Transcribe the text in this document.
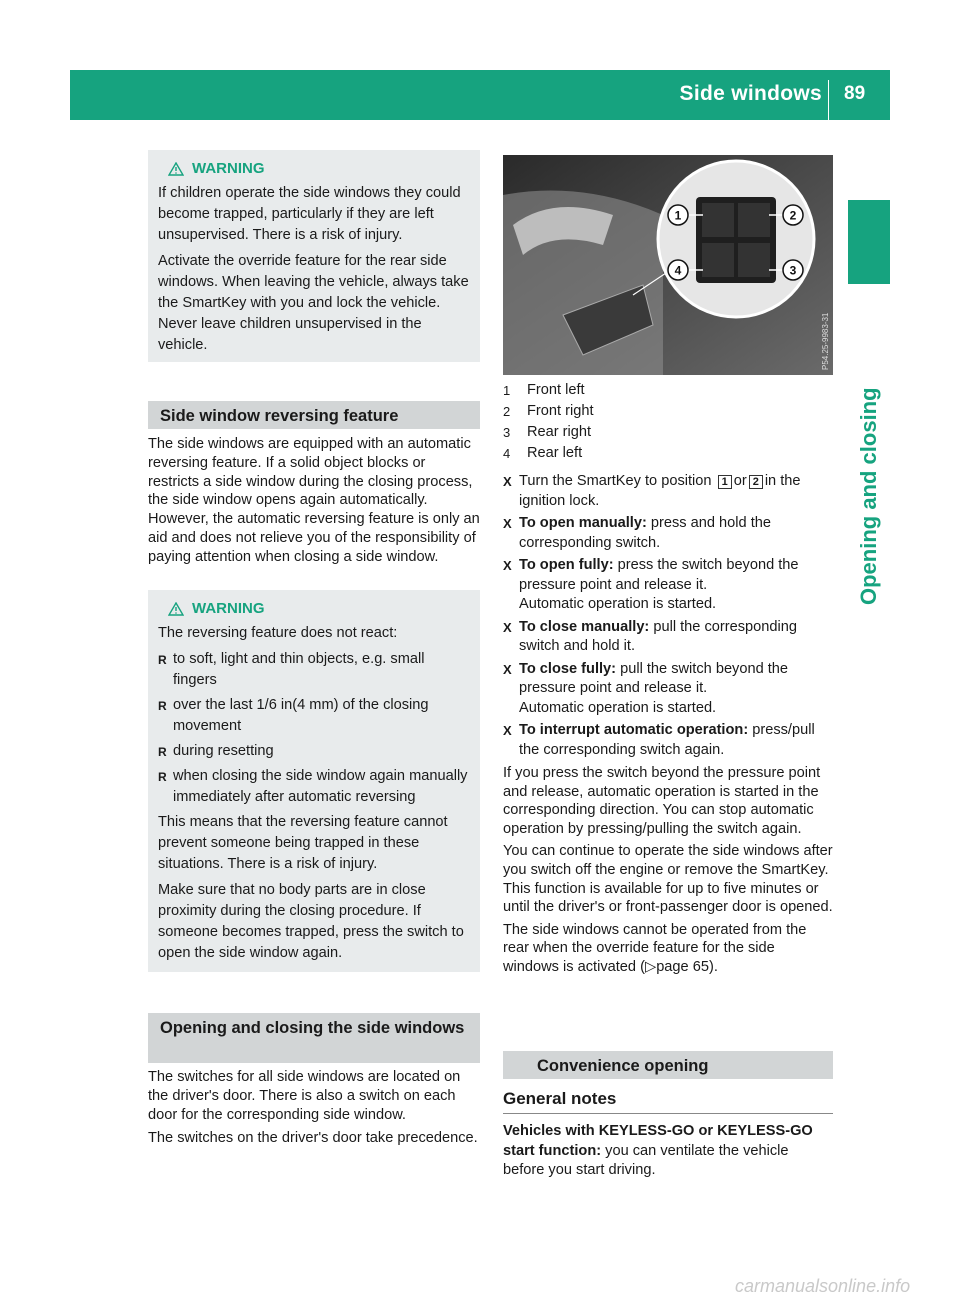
Side windows 89
Opening and closing
WARNING

If children operate the side windows they could become trapped, particularly if they are left unsupervised. There is a risk of injury.

Activate the override feature for the rear side windows. When leaving the vehicle, always take the SmartKey with you and lock the vehicle. Never leave children unsupervised in the vehicle.

Side window reversing feature

The side windows are equipped with an automatic reversing feature. If a solid object blocks or restricts a side window during the closing process, the side window opens again automatically. However, the automatic reversing feature is only an aid and does not relieve you of the responsibility of paying attention when closing a side window.

WARNING

The reversing feature does not react:

R to soft, light and thin objects, e.g. small fingers
R over the last 1/6 in(4 mm) of the closing movement
R during resetting
R when closing the side window again manually immediately after automatic reversing

This means that the reversing feature cannot prevent someone being trapped in these situations. There is a risk of injury.

Make sure that no body parts are in close proximity during the closing procedure. If someone becomes trapped, press the switch to open the side window again.

Opening and closing the side windows

The switches for all side windows are located on the driver's door. There is also a switch on each door for the corresponding side window.

The switches on the driver's door take precedence.

1	2
3
4
P54.25-9983-31
1	Front left
2	Front right
3	Rear right
4	Rear left
X Turn the SmartKey to position 1 or 2 in the ignition lock.
X To open manually: press and hold the corresponding switch.
X To open fully: press the switch beyond the pressure point and release it.
Automatic operation is started.
X To close manually: pull the corresponding switch and hold it.
X To close fully: pull the switch beyond the pressure point and release it.
Automatic operation is started.
X To interrupt automatic operation: press/pull the corresponding switch again.

If you press the switch beyond the pressure point and release, automatic operation is started in the corresponding direction. You can stop automatic operation by pressing/pulling the switch again.

You can continue to operate the side windows after you switch off the engine or remove the SmartKey. This function is available for up to five minutes or until the driver's or front-passenger door is opened.

The side windows cannot be operated from the rear when the override feature for the side windows is activated (▷page 65).

Convenience opening
General notes

Vehicles with KEYLESS-GO or KEYLESS-GO start function: you can ventilate the vehicle before you start driving.

carmanualsonline.info
